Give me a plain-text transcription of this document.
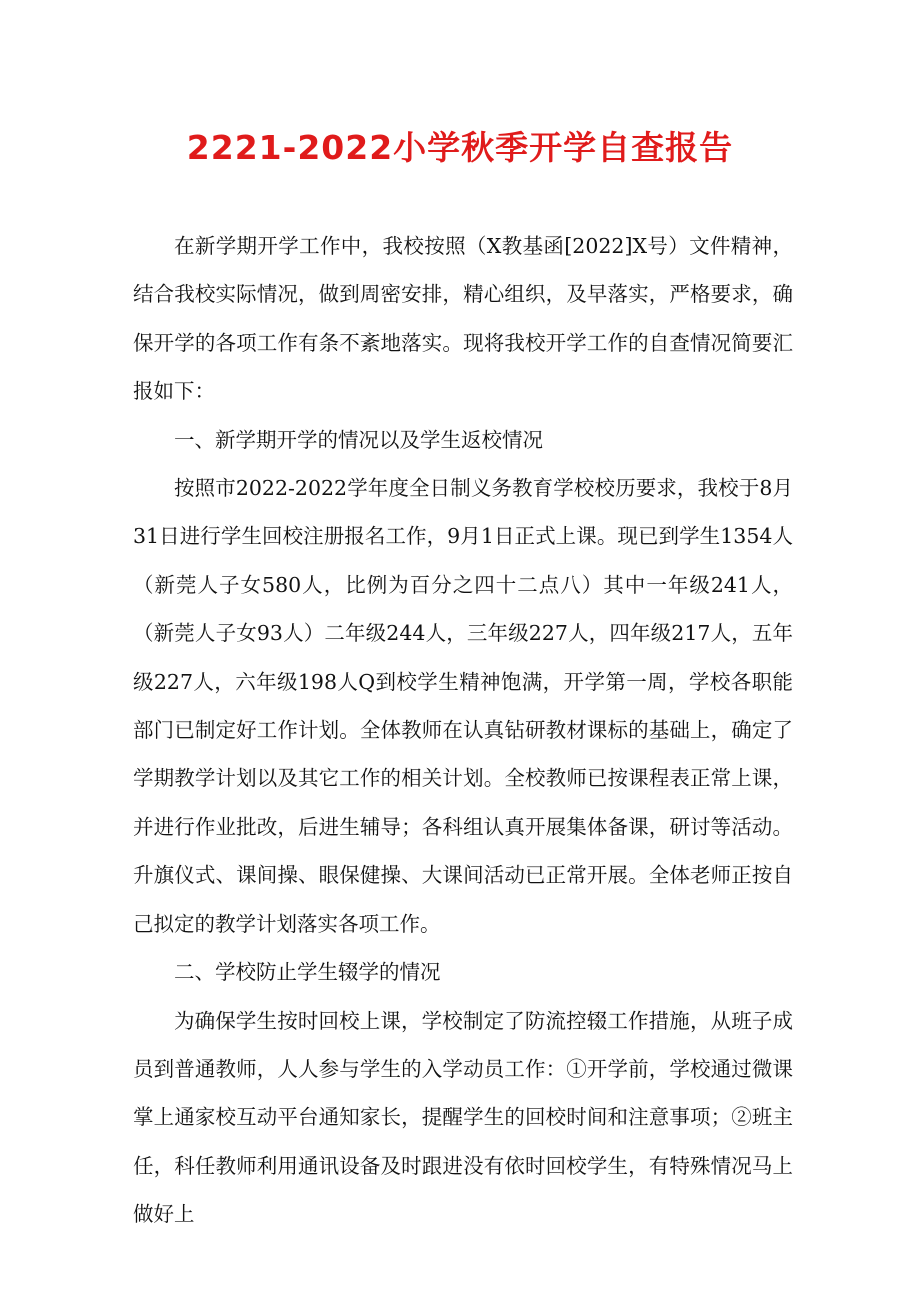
2221-2022小学秋季开学自查报告

在新学期开学工作中，我校按照（X教基函[2022]X号）文件精神，结合我校实际情况，做到周密安排，精心组织，及早落实，严格要求，确保开学的各项工作有条不紊地落实。现将我校开学工作的自查情况简要汇报如下：

一、新学期开学的情况以及学生返校情况

按照市2022-2022学年度全日制义务教育学校校历要求，我校于8月31日进行学生回校注册报名工作，9月1日正式上课。现已到学生1354人（新莞人子女580人，比例为百分之四十二点八）其中一年级241人，（新莞人子女93人）二年级244人，三年级227人，四年级217人，五年级227人，六年级198人Q到校学生精神饱满，开学第一周，学校各职能部门已制定好工作计划。全体教师在认真钻研教材课标的基础上，确定了学期教学计划以及其它工作的相关计划。全校教师已按课程表正常上课，并进行作业批改，后进生辅导；各科组认真开展集体备课，研讨等活动。升旗仪式、课间操、眼保健操、大课间活动已正常开展。全体老师正按自己拟定的教学计划落实各项工作。

二、学校防止学生辍学的情况

为确保学生按时回校上课，学校制定了防流控辍工作措施，从班子成员到普通教师，人人参与学生的入学动员工作：①开学前，学校通过微课掌上通家校互动平台通知家长，提醒学生的回校时间和注意事项；②班主任，科任教师利用通讯设备及时跟进没有依时回校学生，有特殊情况马上做好上
